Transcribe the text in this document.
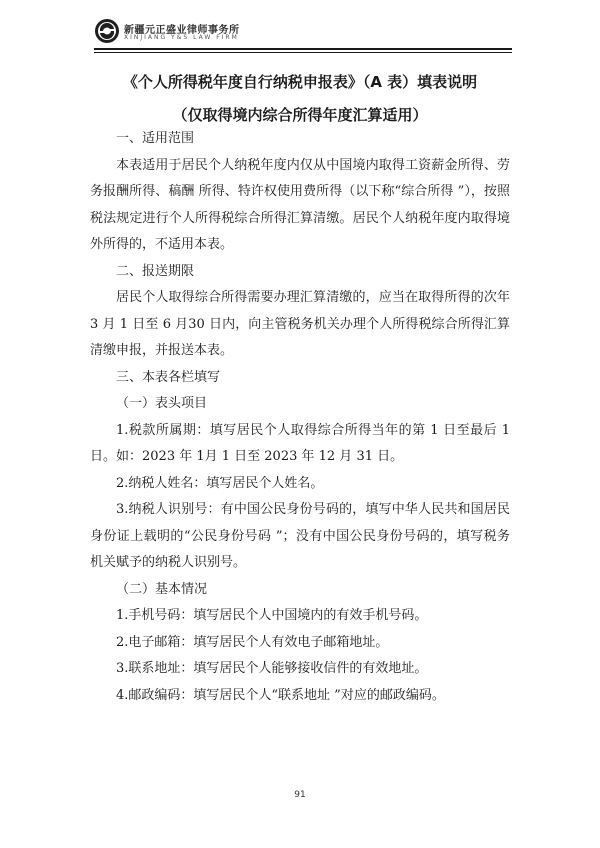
新疆元正盛业律师事务所
XINJIANG Y&S LAW FIRM
《个人所得税年度自行纳税申报表》（A 表）填表说明
（仅取得境内综合所得年度汇算适用）

一、适用范围

本表适用于居民个人纳税年度内仅从中国境内取得工资薪金所得、劳务报酬所得、稿酬 所得、特许权使用费所得（以下称“综合所得 ”），按照税法规定进行个人所得税综合所得汇算清缴。居民个人纳税年度内取得境外所得的，不适用本表。

二、报送期限

居民个人取得综合所得需要办理汇算清缴的，应当在取得所得的次年 3 月 1 日至 6 月30 日内，向主管税务机关办理个人所得税综合所得汇算清缴申报，并报送本表。

三、本表各栏填写

（一）表头项目

1.税款所属期：填写居民个人取得综合所得当年的第 1 日至最后 1 日。如：2023 年 1月 1 日至 2023 年 12 月 31 日。

2.纳税人姓名：填写居民个人姓名。

3.纳税人识别号：有中国公民身份号码的，填写中华人民共和国居民身份证上载明的“公民身份号码 ”；没有中国公民身份号码的，填写税务机关赋予的纳税人识别号。

（二）基本情况

1.手机号码：填写居民个人中国境内的有效手机号码。

2.电子邮箱：填写居民个人有效电子邮箱地址。

3.联系地址：填写居民个人能够接收信件的有效地址。

4.邮政编码：填写居民个人“联系地址 ”对应的邮政编码。

91
